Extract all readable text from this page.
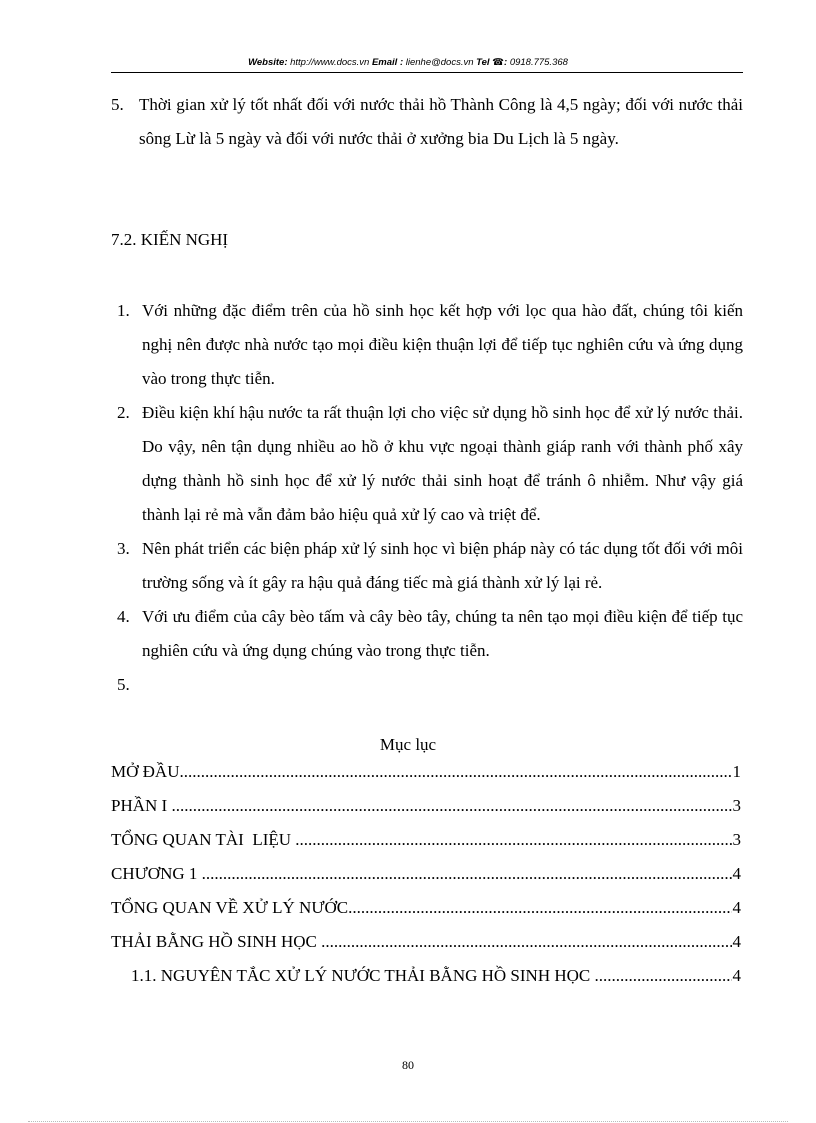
Website: http://www.docs.vn Email : lienhe@docs.vn Tel ☎: 0918.775.368
5. Thời gian xử lý tốt nhất đối với nước thải hồ Thành Công là 4,5 ngày; đối với nước thải sông Lừ là 5 ngày và đối với nước thải ở xưởng bia Du Lịch là 5 ngày.
7.2. KIẾN NGHỊ
1. Với những đặc điểm trên của hồ sinh học kết hợp với lọc qua hào đất, chúng tôi kiến nghị nên được nhà nước tạo mọi điều kiện thuận lợi để tiếp tục nghiên cứu và ứng dụng vào trong thực tiễn.
2. Điều kiện khí hậu nước ta rất thuận lợi cho việc sử dụng hồ sinh học để xử lý nước thải. Do vậy, nên tận dụng nhiều ao hồ ở khu vực ngoại thành giáp ranh với thành phố xây dựng thành hồ sinh học để xử lý nước thải sinh hoạt để tránh ô nhiễm. Như vậy giá thành lại rẻ mà vẫn đảm bảo hiệu quả xử lý cao và triệt để.
3. Nên phát triển các biện pháp xử lý sinh học vì biện pháp này có tác dụng tốt đối với môi trường sống và ít gây ra hậu quả đáng tiếc mà giá thành xử lý lại rẻ.
4. Với ưu điểm của cây bèo tấm và cây bèo tây, chúng ta nên tạo mọi điều kiện để tiếp tục nghiên cứu và ứng dụng chúng vào trong thực tiễn.
5.
Mục lục
MỞ ĐẦU .....	1
PHẦN I .....	3
TỔNG QUAN TÀI  LIỆU .....	3
CHƯƠNG 1 .....	4
TỔNG QUAN VỀ XỬ LÝ NƯỚC .....	4
THẢI BẰNG HỒ SINH HỌC .....	4
1.1. NGUYÊN TẮC XỬ LÝ NƯỚC THẢI BẰNG HỒ SINH HỌC .....	4
80
